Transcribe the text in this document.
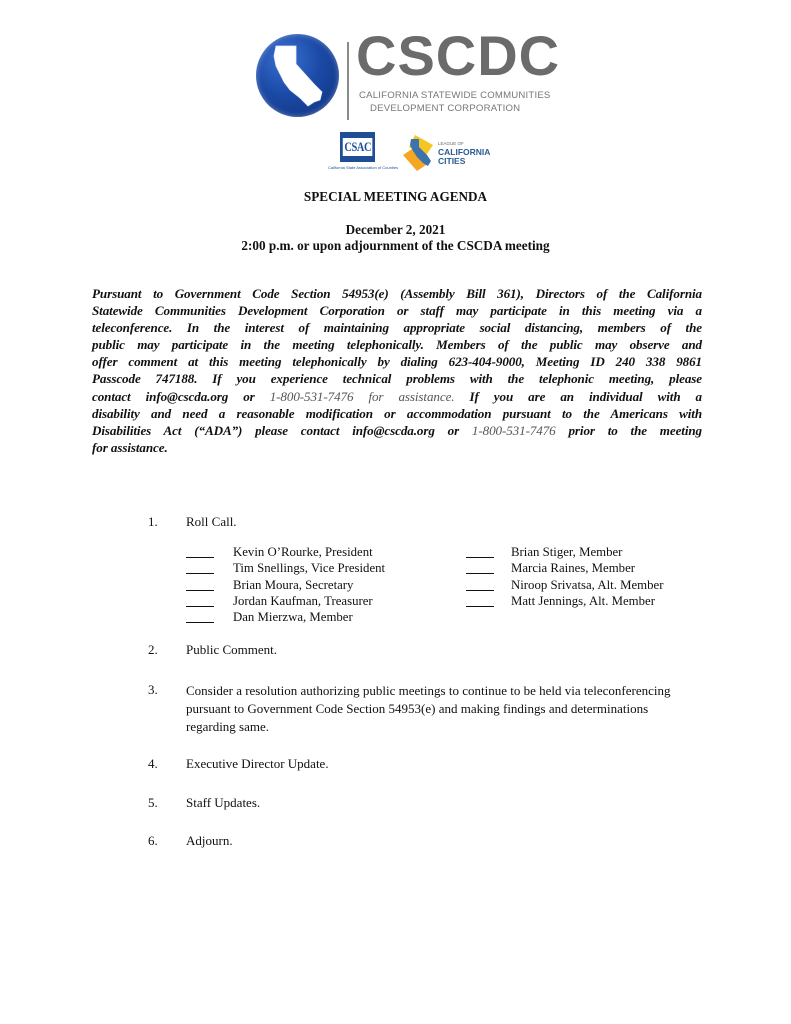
CSCDC
CALIFORNIA STATEWIDE COMMUNITIES
DEVELOPMENT CORPORATION
CSAC
California State Association of Counties
LEAGUE OF
CALIFORNIA
CITIES
SPECIAL MEETING AGENDA
December 2, 2021
2:00 p.m. or upon adjournment of the CSCDA meeting
Pursuant to Government Code Section 54953(e) (Assembly Bill 361), Directors of the California
Statewide Communities Development Corporation or staff may participate in this meeting via a
teleconference. In the interest of maintaining appropriate social distancing, members of the
public may participate in the meeting telephonically. Members of the public may observe and
offer comment at this meeting telephonically by dialing 623-404-9000, Meeting ID 240 338 9861
Passcode 747188. If you experience technical problems with the telephonic meeting, please
contact info@cscda.org or 1-800-531-7476 for assistance. If you are an individual with a
disability and need a reasonable modification or accommodation pursuant to the Americans with
Disabilities Act (“ADA”) please contact info@cscda.org or 1-800-531-7476 prior to the meeting
for assistance.
1. Roll Call.
Kevin O’Rourke, President
Tim Snellings, Vice President
Brian Moura, Secretary
Jordan Kaufman, Treasurer
Dan Mierzwa, Member
Brian Stiger, Member
Marcia Raines, Member
Niroop Srivatsa, Alt. Member
Matt Jennings, Alt. Member
2. Public Comment.
3. Consider a resolution authorizing public meetings to continue to be held via teleconferencing pursuant to Government Code Section 54953(e) and making findings and determinations regarding same.
4. Executive Director Update.
5. Staff Updates.
6. Adjourn.
